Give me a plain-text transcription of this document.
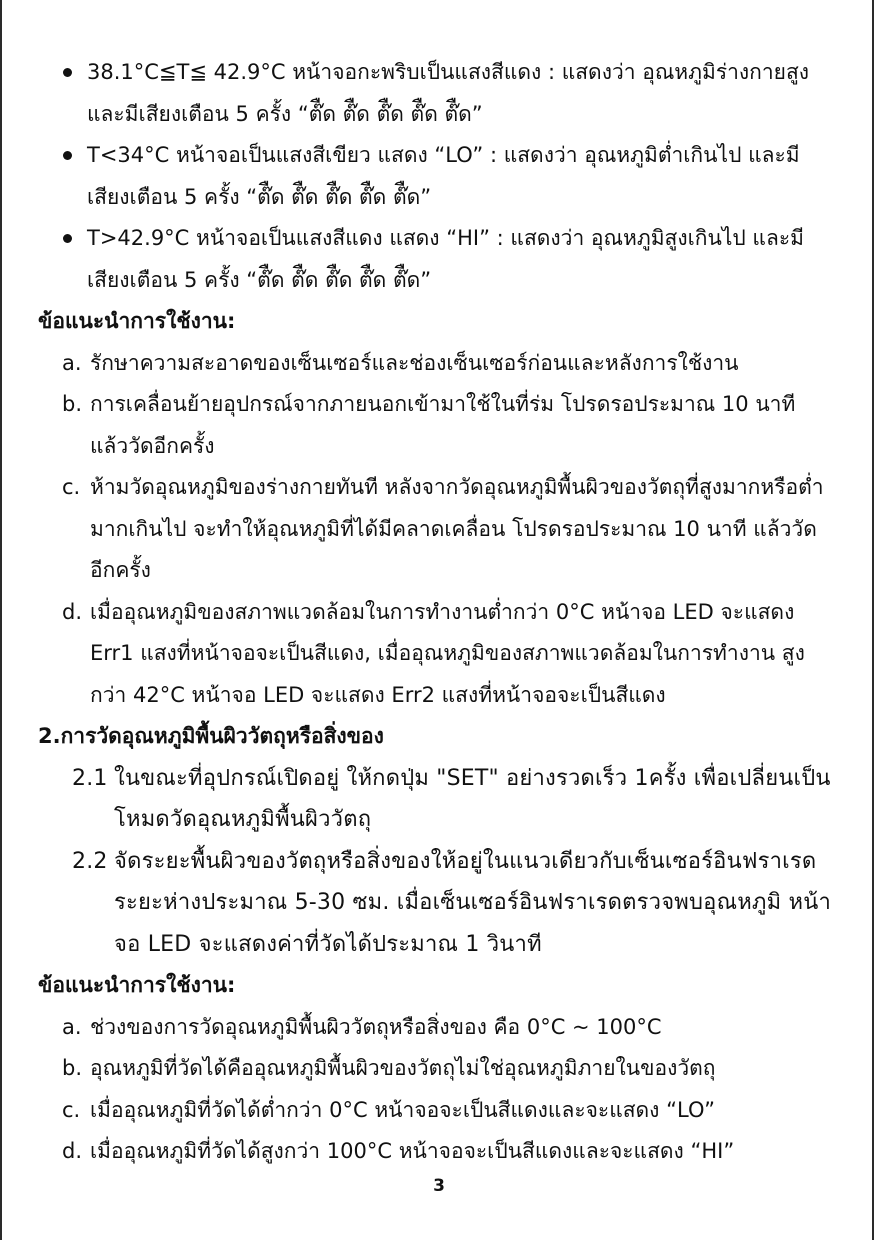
38.1°C≦T≦ 42.9°C หน้าจอกะพริบเป็นแสงสีแดง : แสดงว่า อุณหภูมิร่างกายสูงและมีเสียงเตือน 5 ครั้ง “ต๊ืด ต๊ืด ต๊ืด ต๊ืด ต๊ืด”
T<34°C หน้าจอเป็นแสงสีเขียว แสดง “LO” : แสดงว่า อุณหภูมิต่ำเกินไป และมีเสียงเตือน 5 ครั้ง “ต๊ืด ต๊ืด ต๊ืด ต๊ืด ต๊ืด”
T>42.9°C หน้าจอเป็นแสงสีแดง แสดง “HI” : แสดงว่า อุณหภูมิสูงเกินไป และมีเสียงเตือน 5 ครั้ง “ต๊ืด ต๊ืด ต๊ืด ต๊ืด ต๊ืด”

ข้อแนะนำการใช้งาน:

a. รักษาความสะอาดของเซ็นเซอร์และช่องเซ็นเซอร์ก่อนและหลังการใช้งาน
b. การเคลื่อนย้ายอุปกรณ์จากภายนอกเข้ามาใช้ในที่ร่ม โปรดรอประมาณ 10 นาที แล้ววัดอีกครั้ง
c. ห้ามวัดอุณหภูมิของร่างกายทันที หลังจากวัดอุณหภูมิพื้นผิวของวัตถุที่สูงมากหรือต่ำมากเกินไป จะทำให้อุณหภูมิที่ได้มีคลาดเคลื่อน โปรดรอประมาณ 10 นาที แล้ววัดอีกครั้ง
d. เมื่ออุณหภูมิของสภาพแวดล้อมในการทำงานต่ำกว่า 0°C หน้าจอ LED จะแสดง Err1 แสงที่หน้าจอจะเป็นสีแดง, เมื่ออุณหภูมิของสภาพแวดล้อมในการทำงาน สูงกว่า 42°C หน้าจอ LED จะแสดง Err2 แสงที่หน้าจอจะเป็นสีแดง

2.การวัดอุณหภูมิพื้นผิววัตถุหรือสิ่งของ

2.1 ในขณะที่อุปกรณ์เปิดอยู่ ให้กดปุ่ม "SET" อย่างรวดเร็ว 1ครั้ง เพื่อเปลี่ยนเป็นโหมดวัดอุณหภูมิพื้นผิววัตถุ
2.2 จัดระยะพื้นผิวของวัตถุหรือสิ่งของให้อยู่ในแนวเดียวกับเซ็นเซอร์อินฟราเรด ระยะห่างประมาณ 5-30 ซม. เมื่อเซ็นเซอร์อินฟราเรดตรวจพบอุณหภูมิ หน้าจอ LED จะแสดงค่าที่วัดได้ประมาณ 1 วินาที

ข้อแนะนำการใช้งาน:

a. ช่วงของการวัดอุณหภูมิพื้นผิววัตถุหรือสิ่งของ คือ 0°C ~ 100°C
b. อุณหภูมิที่วัดได้คืออุณหภูมิพื้นผิวของวัตถุไม่ใช่อุณหภูมิภายในของวัตถุ
c. เมื่ออุณหภูมิที่วัดได้ต่ำกว่า 0°C หน้าจอจะเป็นสีแดงและจะแสดง “LO”
d. เมื่ออุณหภูมิที่วัดได้สูงกว่า 100°C หน้าจอจะเป็นสีแดงและจะแสดง “HI”
3
